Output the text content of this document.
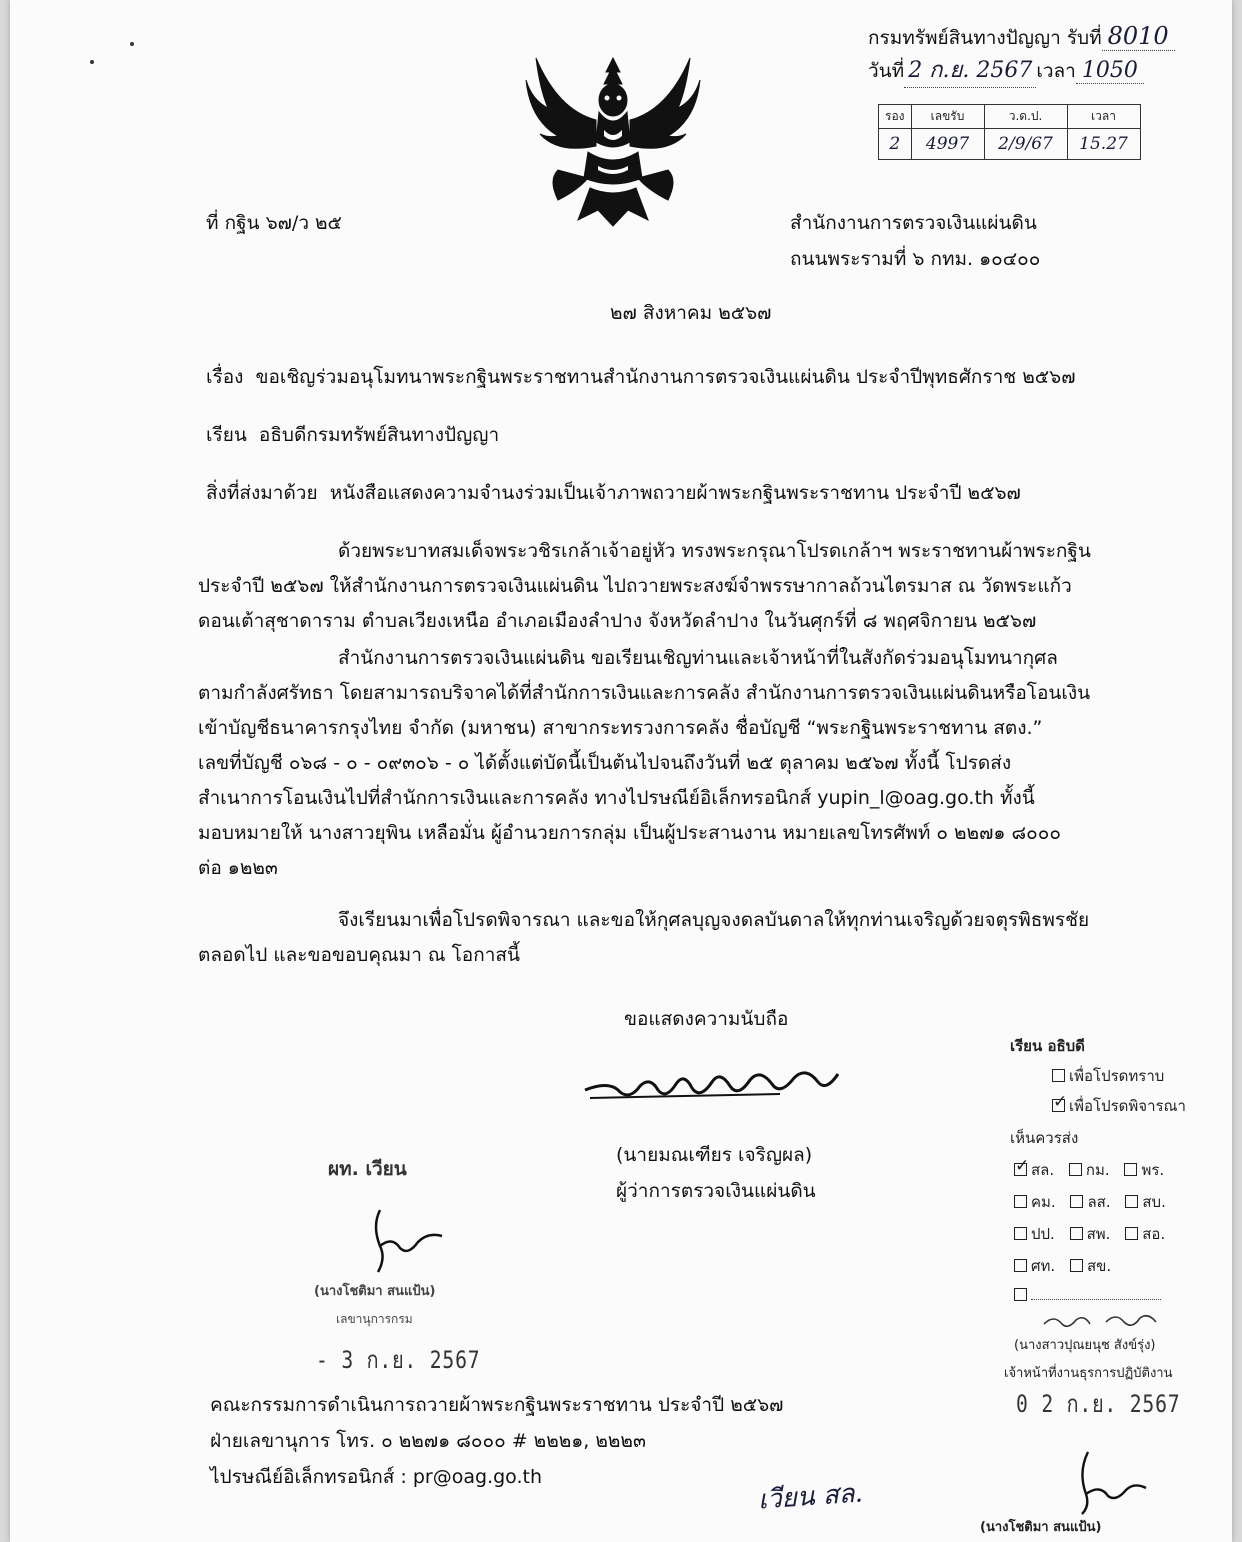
กรมทรัพย์สินทางปัญญา รับที่ 8010
วันที่ 2 ก.ย. 2567 เวลา 1050
รอง	เลขรับ	ว.ด.ป.	เวลา
2	4997	2/9/67	15.27
ที่ กฐิน ๖๗/ว ๒๕	สำนักงานการตรวจเงินแผ่นดิน
ถนนพระรามที่ ๖ กทม. ๑๐๔๐๐
๒๗ สิงหาคม ๒๕๖๗
เรื่อง ขอเชิญร่วมอนุโมทนาพระกฐินพระราชทานสำนักงานการตรวจเงินแผ่นดิน ประจำปีพุทธศักราช ๒๕๖๗
เรียน อธิบดีกรมทรัพย์สินทางปัญญา
สิ่งที่ส่งมาด้วย หนังสือแสดงความจำนงร่วมเป็นเจ้าภาพถวายผ้าพระกฐินพระราชทาน ประจำปี ๒๕๖๗
ด้วยพระบาทสมเด็จพระวชิรเกล้าเจ้าอยู่หัว ทรงพระกรุณาโปรดเกล้าฯ พระราชทานผ้าพระกฐิน
ประจำปี ๒๕๖๗ ให้สำนักงานการตรวจเงินแผ่นดิน ไปถวายพระสงฆ์จำพรรษากาลถ้วนไตรมาส ณ วัดพระแก้ว
ดอนเต้าสุชาดาราม ตำบลเวียงเหนือ อำเภอเมืองลำปาง จังหวัดลำปาง ในวันศุกร์ที่ ๘ พฤศจิกายน ๒๕๖๗
สำนักงานการตรวจเงินแผ่นดิน ขอเรียนเชิญท่านและเจ้าหน้าที่ในสังกัดร่วมอนุโมทนากุศล
ตามกำลังศรัทธา โดยสามารถบริจาคได้ที่สำนักการเงินและการคลัง สำนักงานการตรวจเงินแผ่นดินหรือโอนเงิน
เข้าบัญชีธนาคารกรุงไทย จำกัด (มหาชน) สาขากระทรวงการคลัง ชื่อบัญชี “พระกฐินพระราชทาน สตง.”
เลขที่บัญชี ๐๖๘ - ๐ - ๐๙๓๐๖ - ๐ ได้ตั้งแต่บัดนี้เป็นต้นไปจนถึงวันที่ ๒๕ ตุลาคม ๒๕๖๗ ทั้งนี้ โปรดส่ง
สำเนาการโอนเงินไปที่สำนักการเงินและการคลัง ทางไปรษณีย์อิเล็กทรอนิกส์ yupin_l@oag.go.th ทั้งนี้
มอบหมายให้ นางสาวยุพิน เหลือมั่น ผู้อำนวยการกลุ่ม เป็นผู้ประสานงาน หมายเลขโทรศัพท์ ๐ ๒๒๗๑ ๘๐๐๐
ต่อ ๑๒๒๓
จึงเรียนมาเพื่อโปรดพิจารณา และขอให้กุศลบุญจงดลบันดาลให้ทุกท่านเจริญด้วยจตุรพิธพรชัย
ตลอดไป และขอขอบคุณมา ณ โอกาสนี้
ขอแสดงความนับถือ
(นายมณเฑียร เจริญผล)
ผู้ว่าการตรวจเงินแผ่นดิน
ผท. เวียน
(นางโชติมา สนแป้น)
เลขานุการกรม
- 3 ก.ย. 2567
คณะกรรมการดำเนินการถวายผ้าพระกฐินพระราชทาน ประจำปี ๒๕๖๗
ฝ่ายเลขานุการ โทร. ๐ ๒๒๗๑ ๘๐๐๐ # ๒๒๒๑, ๒๒๒๓
ไปรษณีย์อิเล็กทรอนิกส์ : pr@oag.go.th
เรียน อธิบดี
เพื่อโปรดทราบ
✓เพื่อโปรดพิจารณา
เห็นควรส่ง
✓สล. กม. พร.
คม. ลส. สบ.
ปป. สพ. สอ.
ศท. สข.
(นางสาวปุณยนุช สังข์รุ่ง)
เจ้าหน้าที่งานธุรการปฏิบัติงาน
0 2 ก.ย. 2567
(นางโชติมา สนแป้น)
เวียน สล.
